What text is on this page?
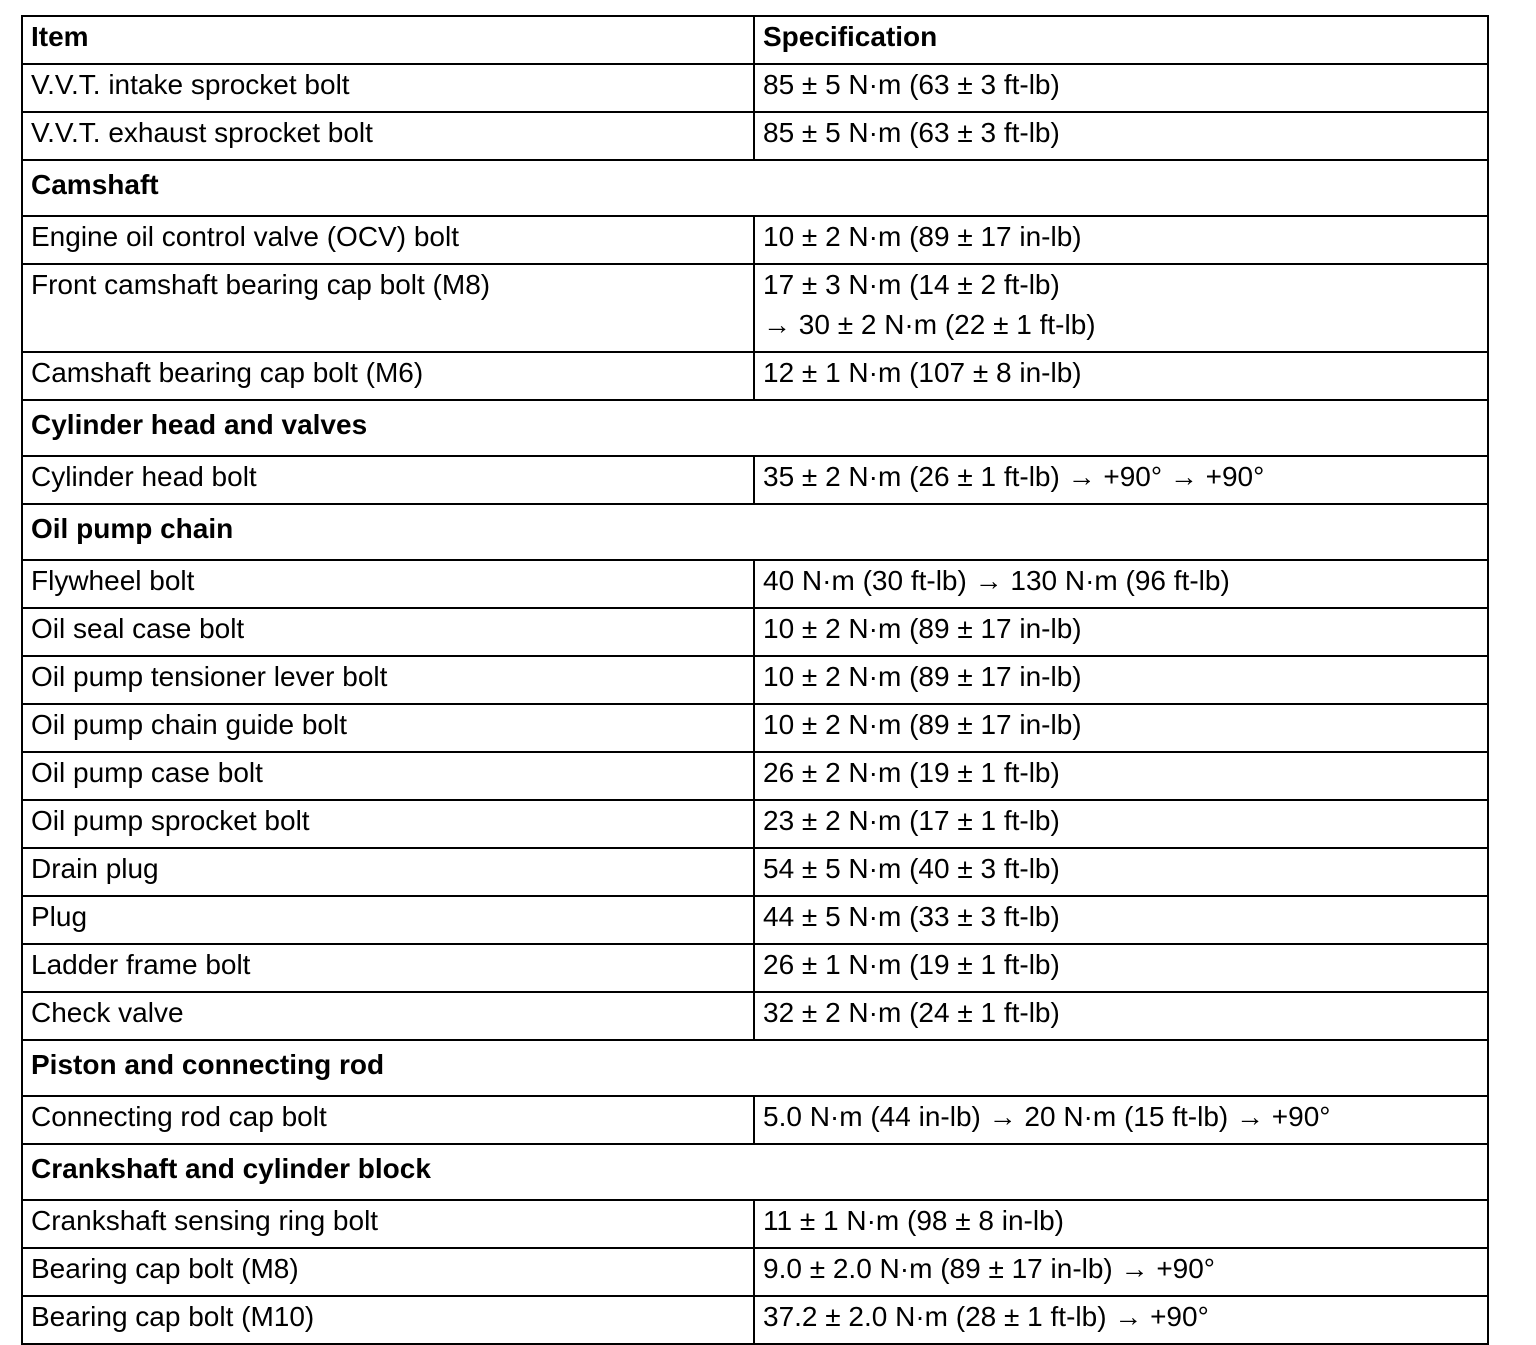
Item	Specification
V.V.T. intake sprocket bolt	85 ± 5 N·m (63 ± 3 ft-lb)
V.V.T. exhaust sprocket bolt	85 ± 5 N·m (63 ± 3 ft-lb)
Camshaft	
Engine oil control valve (OCV) bolt	10 ± 2 N·m (89 ± 17 in-lb)
Front camshaft bearing cap bolt (M8)	17 ± 3 N·m (14 ± 2 ft-lb)
→ 30 ± 2 N·m (22 ± 1 ft-lb)

Camshaft bearing cap bolt (M6)	12 ± 1 N·m (107 ± 8 in-lb)
Cylinder head and valves	
Cylinder head bolt	35 ± 2 N·m (26 ± 1 ft-lb) → +90° → +90°
Oil pump chain	
Flywheel bolt	40 N·m (30 ft-lb) → 130 N·m (96 ft-lb)
Oil seal case bolt	10 ± 2 N·m (89 ± 17 in-lb)
Oil pump tensioner lever bolt	10 ± 2 N·m (89 ± 17 in-lb)
Oil pump chain guide bolt	10 ± 2 N·m (89 ± 17 in-lb)
Oil pump case bolt	26 ± 2 N·m (19 ± 1 ft-lb)
Oil pump sprocket bolt	23 ± 2 N·m (17 ± 1 ft-lb)
Drain plug	54 ± 5 N·m (40 ± 3 ft-lb)
Plug	44 ± 5 N·m (33 ± 3 ft-lb)
Ladder frame bolt	26 ± 1 N·m (19 ± 1 ft-lb)
Check valve	32 ± 2 N·m (24 ± 1 ft-lb)
Piston and connecting rod	
Connecting rod cap bolt	5.0 N·m (44 in-lb) → 20 N·m (15 ft-lb) → +90°
Crankshaft and cylinder block	
Crankshaft sensing ring bolt	11 ± 1 N·m (98 ± 8 in-lb)
Bearing cap bolt (M8)	9.0 ± 2.0 N·m (89 ± 17 in-lb) → +90°
Bearing cap bolt (M10)	37.2 ± 2.0 N·m (28 ± 1 ft-lb) → +90°
